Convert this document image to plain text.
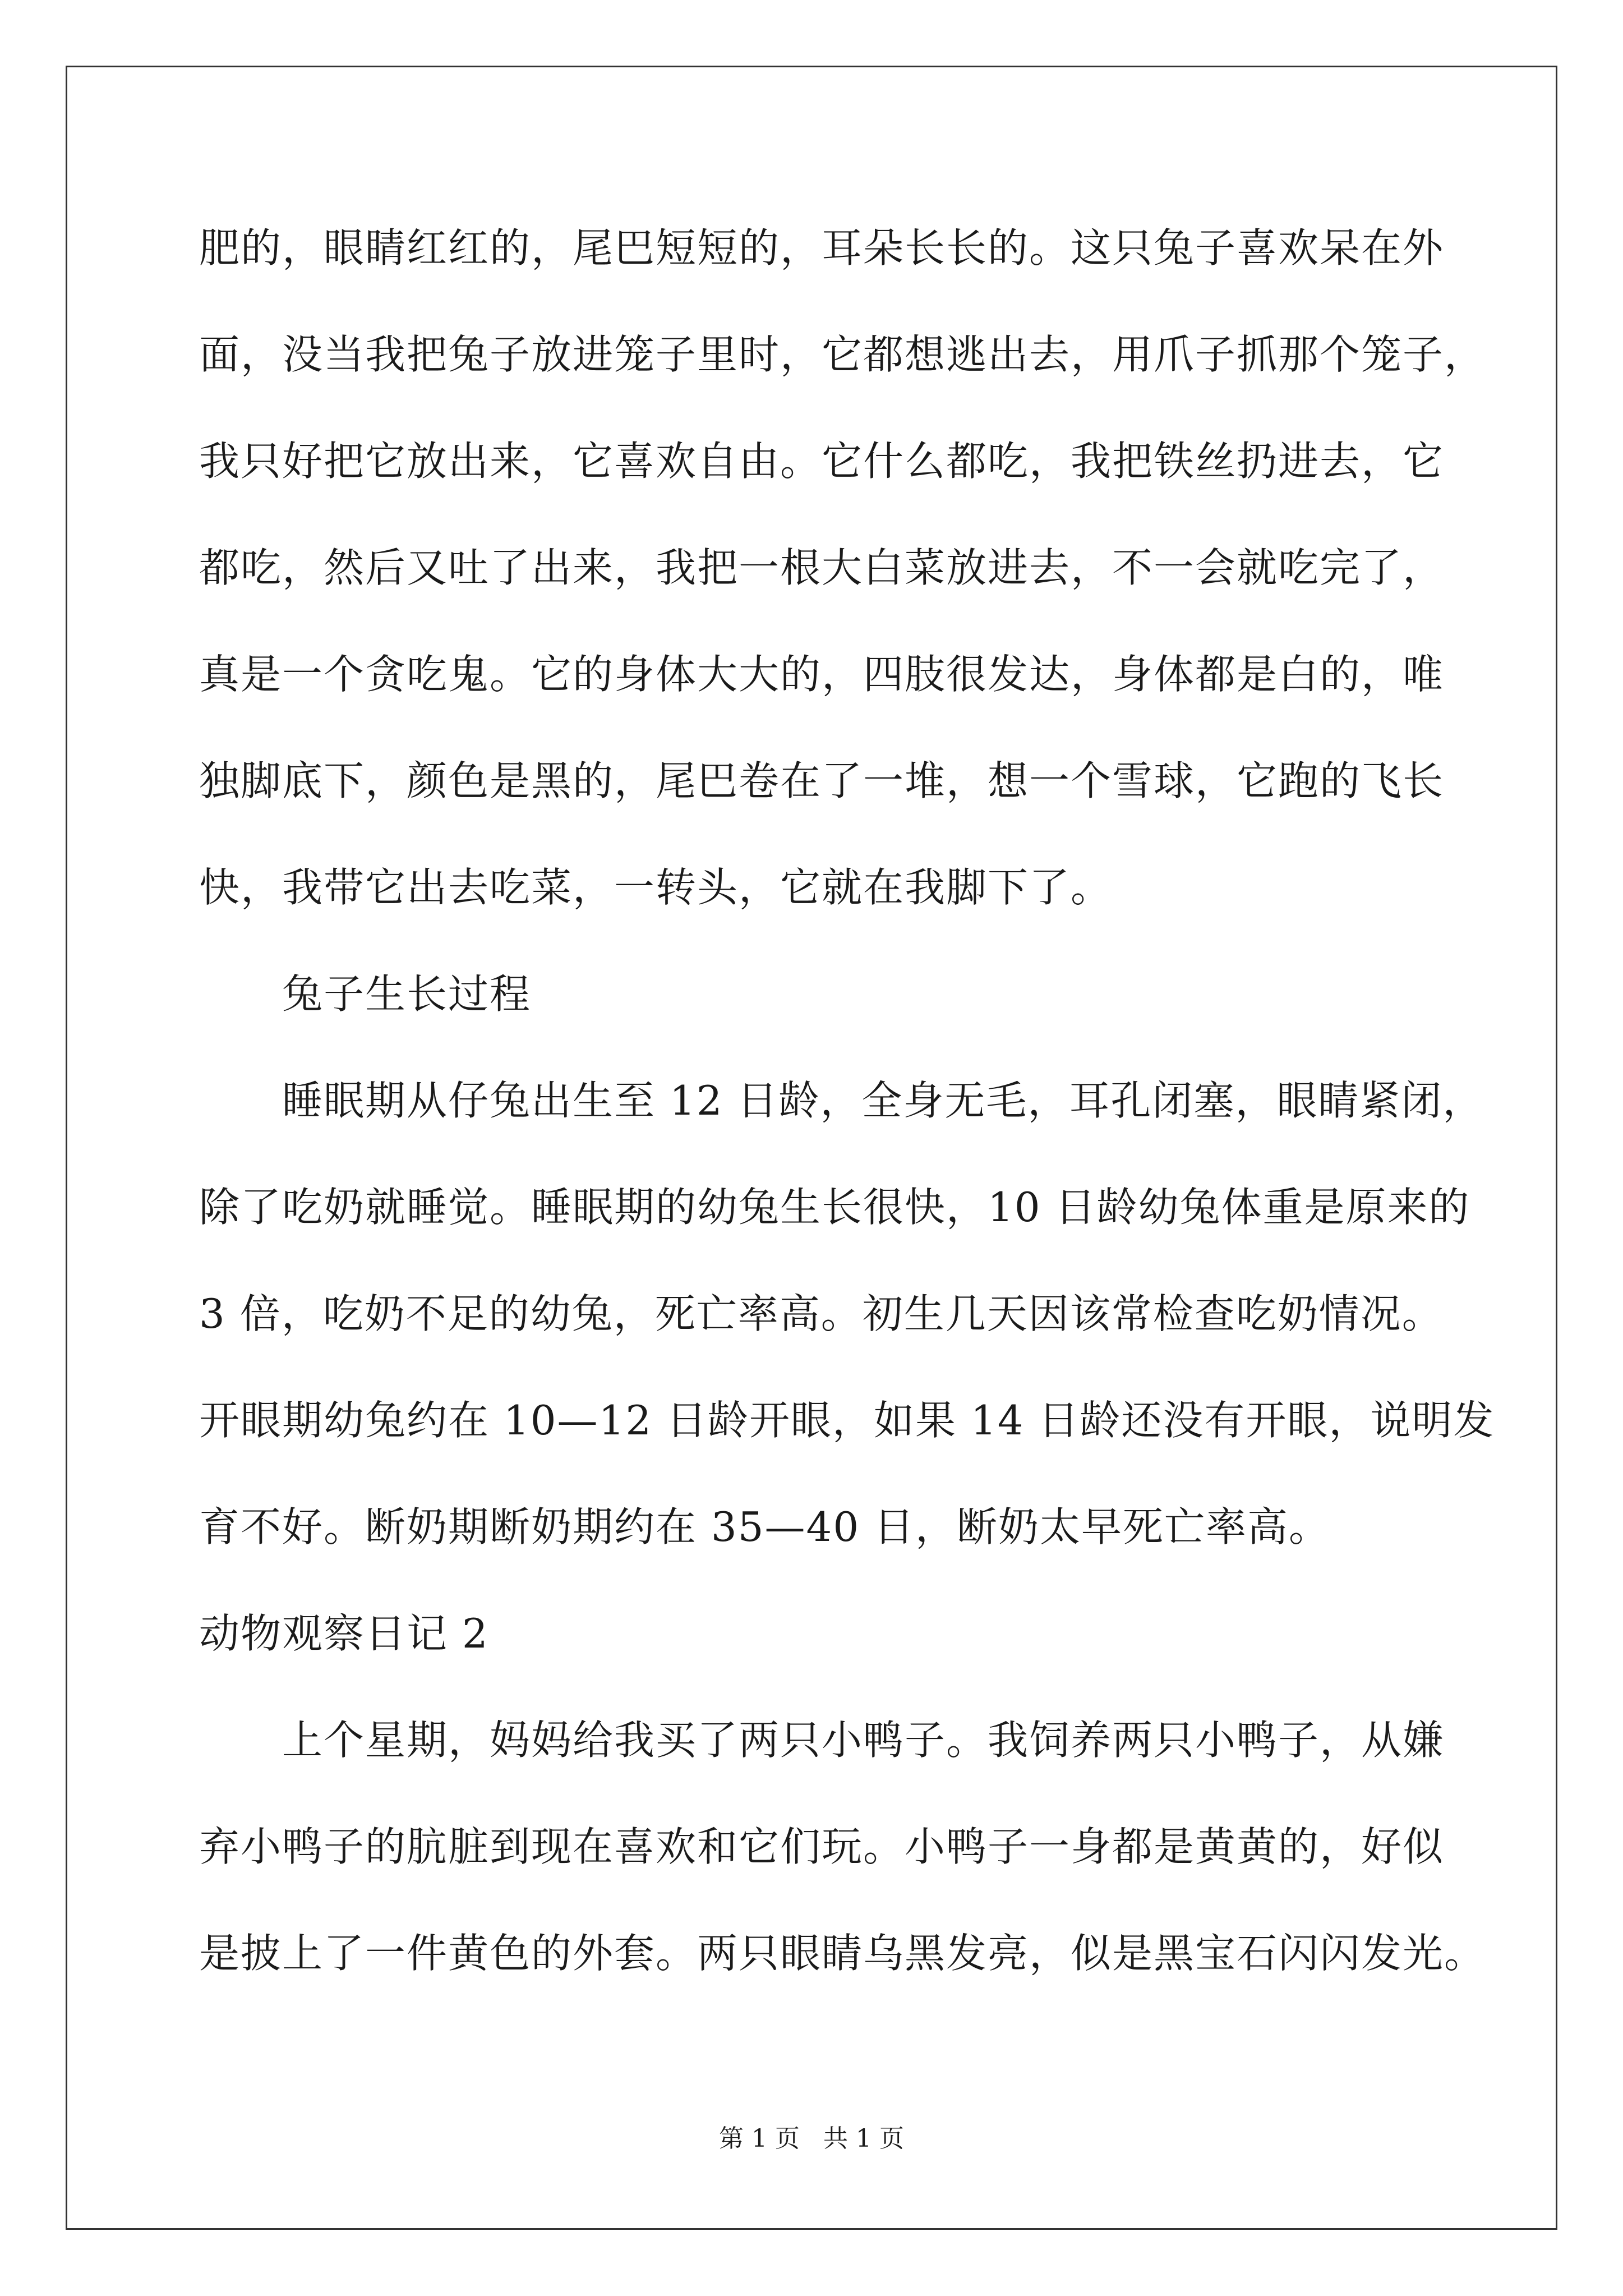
肥的，眼睛红红的，尾巴短短的，耳朵长长的。这只兔子喜欢呆在外
面，没当我把兔子放进笼子里时，它都想逃出去，用爪子抓那个笼子，
我只好把它放出来，它喜欢自由。它什么都吃，我把铁丝扔进去，它
都吃，然后又吐了出来，我把一根大白菜放进去，不一会就吃完了，
真是一个贪吃鬼。它的身体大大的，四肢很发达，身体都是白的，唯
独脚底下，颜色是黑的，尾巴卷在了一堆，想一个雪球，它跑的飞长
快，我带它出去吃菜，一转头，它就在我脚下了。
兔子生长过程
睡眠期从仔兔出生至 12 日龄，全身无毛，耳孔闭塞，眼睛紧闭，
除了吃奶就睡觉。睡眠期的幼兔生长很快，10 日龄幼兔体重是原来的
3 倍，吃奶不足的幼兔，死亡率高。初生几天因该常检查吃奶情况。
开眼期幼兔约在 10—12 日龄开眼，如果 14 日龄还没有开眼，说明发
育不好。断奶期断奶期约在 35—40 日，断奶太早死亡率高。
动物观察日记 2
上个星期，妈妈给我买了两只小鸭子。我饲养两只小鸭子，从嫌
弃小鸭子的肮脏到现在喜欢和它们玩。小鸭子一身都是黄黄的，好似
是披上了一件黄色的外套。两只眼睛乌黑发亮，似是黑宝石闪闪发光。
第 1 页   共 1 页
